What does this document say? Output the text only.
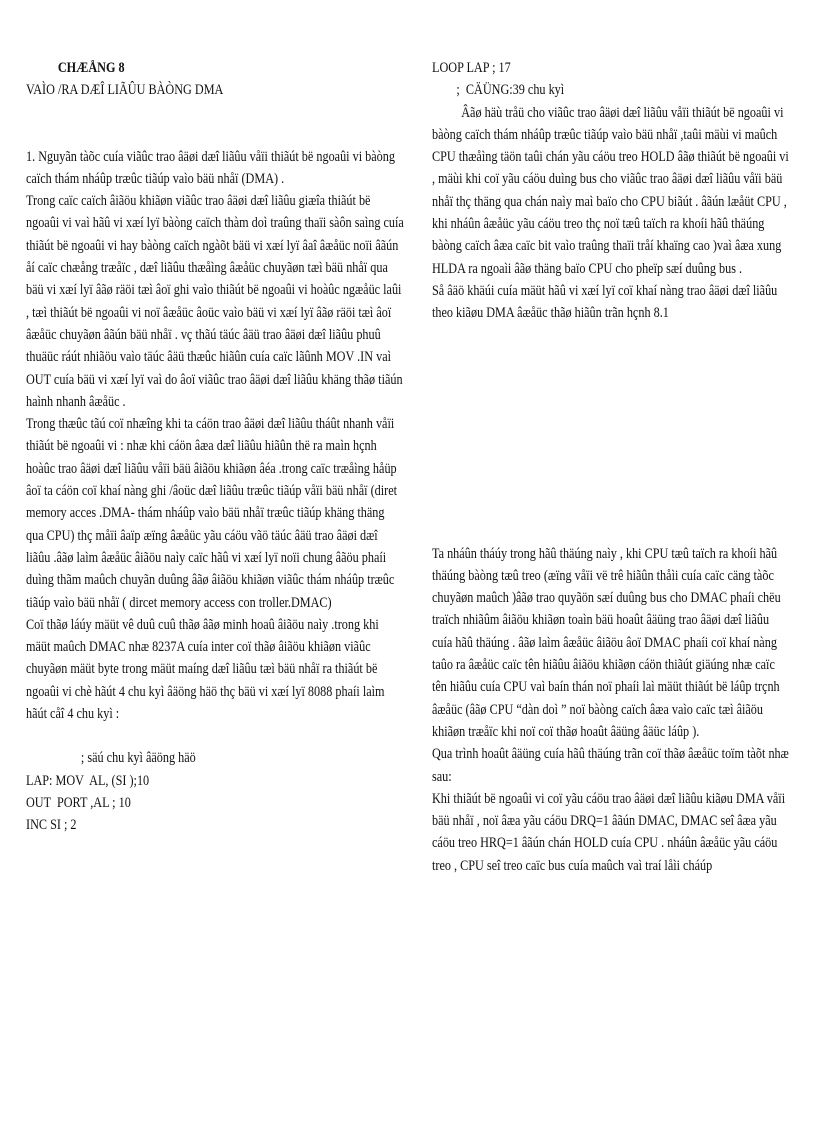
CHÆÅNG 8
VAÌO /RA DÆÎ LIÃÛU BÀÒNG DMA

1. Nguyãn tàõc cuía viãûc trao âäøi dæî liãûu våïi thiãút bë ngoaûi vi bàòng caïch thám nháûp træûc tiãúp vaìo bäü nhåï (DMA) .

Trong caïc caïch âiãöu khiãøn viãûc trao âäøi dæî liãûu giæîa thiãút bë ngoaûi vi vaì hãû vi xæí lyï bàòng caïch thàm doì traûng thaïi sàôn saìng cuía thiãút bë ngoaûi vi hay bàòng caïch ngàõt bäü vi xæí lyï âaî âæåüc noïi âãún åí caïc chæång træåïc , dæî liãûu thæåìng âæåüc chuyãøn tæì bäü nhåï qua bäü vi xæí lyï âãø räöi tæì âoï ghi vaìo thiãút bë ngoaûi vi hoàûc ngæåüc laûi , tæì thiãút bë ngoaûi vi noï âæåüc âoüc vaìo bäü vi xæí lyï âãø räöi tæì âoï âæåüc chuyãøn âãún bäü nhåï . vç thãú täúc âäü trao âäøi dæî liãûu phuû thuäüc ráút nhiãöu vaìo täúc âäü thæûc hiãûn cuía caïc lãûnh MOV .IN vaì OUT cuía bäü vi xæí lyï vaì do âoï viãûc trao âäøi dæî liãûu khäng thãø tiãún haình nhanh âæåüc .

Trong thæûc tãú coï nhæîng khi ta cáön trao âäøi dæî liãûu tháût nhanh våïi thiãút bë ngoaûi vi : nhæ khi cáön âæa dæî liãûu hiãûn thë ra maìn hçnh hoàûc trao âäøi dæî liãûu våïi bäü âiãöu khiãøn âéa .trong caïc træåìng håüp âoï ta cáön coï khaí nàng ghi /âoüc dæî liãûu træûc tiãúp våïi bäü nhåï (diret memory acces .DMA- thám nháûp vaìo bäü nhåï træûc tiãúp khäng thäng qua CPU) thç måïi âaïp æïng âæåüc yãu cáöu vãö täúc âäü trao âäøi dæî liãûu .âãø laìm âæåüc âiãöu naìy caïc hãû vi xæí lyï noïi chung âãöu phaíi duìng thãm maûch chuyãn duûng âãø âiãöu khiãøn viãûc thám nháûp træûc tiãúp vaìo bäü nhåï ( dircet memory access con troller.DMAC)

Coï thãø láúy mäüt vê duû cuû thãø âãø minh hoaû âiãöu naìy .trong khi mäüt maûch DMAC nhæ 8237A cuía inter coï thãø âiãöu khiãøn viãûc chuyãøn mäüt byte trong mäüt maíng dæî liãûu tæì bäü nhåï ra thiãút bë ngoaûi vi chè hãút 4 chu kyì âäöng häö thç bäü vi xæí lyï 8088 phaíi laìm hãút cåî 4 chu kyì :

; säú chu kyì âäöng häö

LAP: MOV  AL, (SI );10

OUT  PORT ,AL ; 10

INC SI ; 2

LOOP LAP ; 17

;  CÄÜNG:39 chu kyì

Âãø häù tråü cho viãûc trao âäøi dæî liãûu våïi thiãút bë ngoaûi vi bàòng caïch thám nháûp træûc tiãúp vaìo bäü nhåï ,taûi mäùi vi maûch CPU thæåìng täön taûi chán yãu cáöu treo HOLD âãø thiãút bë ngoaûi vi , mäùi khi coï yãu cáöu duìng bus cho viãûc trao âäøi dæî liãûu våïi bäü nhåï thç thäng qua chán naìy maì baïo cho CPU biãút . âãún læåüt CPU , khi nháûn âæåüc yãu cáöu treo thç noï tæû taïch ra khoíi hãû thäúng bàòng caïch âæa caïc bit vaìo traûng thaïi tråí khaïng cao )vaì âæa xung HLDA ra ngoaìi âãø thäng baïo CPU cho pheïp sæí duûng bus .

Så âäö khäúi cuía mäüt hãû vi xæí lyï coï khaí nàng trao âäøi dæî liãûu theo kiãøu DMA âæåüc thãø hiãûn trãn hçnh 8.1

Ta nháûn tháúy trong hãû thäúng naìy , khi CPU tæû taïch ra khoíi hãû thäúng bàòng tæû treo (æïng våïi vë trê hiãûn thåìi cuía caïc cäng tàõc chuyãøn maûch )âãø trao quyãön sæí duûng bus cho DMAC phaíi chëu traïch nhiãûm âiãöu khiãøn toaìn bäü hoaût âäüng trao âäøi dæî liãûu cuía hãû thäúng . âãø laìm âæåüc âiãöu âoï DMAC phaíi coï khaí nàng taûo ra âæåüc caïc tên hiãûu âiãöu khiãøn cáön thiãút giäúng nhæ caïc tên hiãûu cuía CPU vaì baín thán noï phaíi laì mäüt thiãút bë láûp trçnh âæåüc (âãø CPU “dàn doì ” noï bàòng caïch âæa vaìo caïc tæì âiãöu khiãøn træåïc khi noï coï thãø hoaût âäüng âäüc láûp ).

Qua trình hoaût âäüng cuía hãû thäúng trãn coï thãø âæåüc toïm tàõt nhæ sau:

Khi thiãút bë ngoaûi vi coï yãu cáöu trao âäøi dæî liãûu kiãøu DMA våïi bäü nhåï , noï âæa yãu cáöu DRQ=1 âãún DMAC, DMAC seî âæa yãu cáöu treo HRQ=1 âãún chán HOLD cuía CPU . nháûn âæåüc yãu cáöu treo , CPU seî treo caïc bus cuía maûch vaì traí låìi cháúp
